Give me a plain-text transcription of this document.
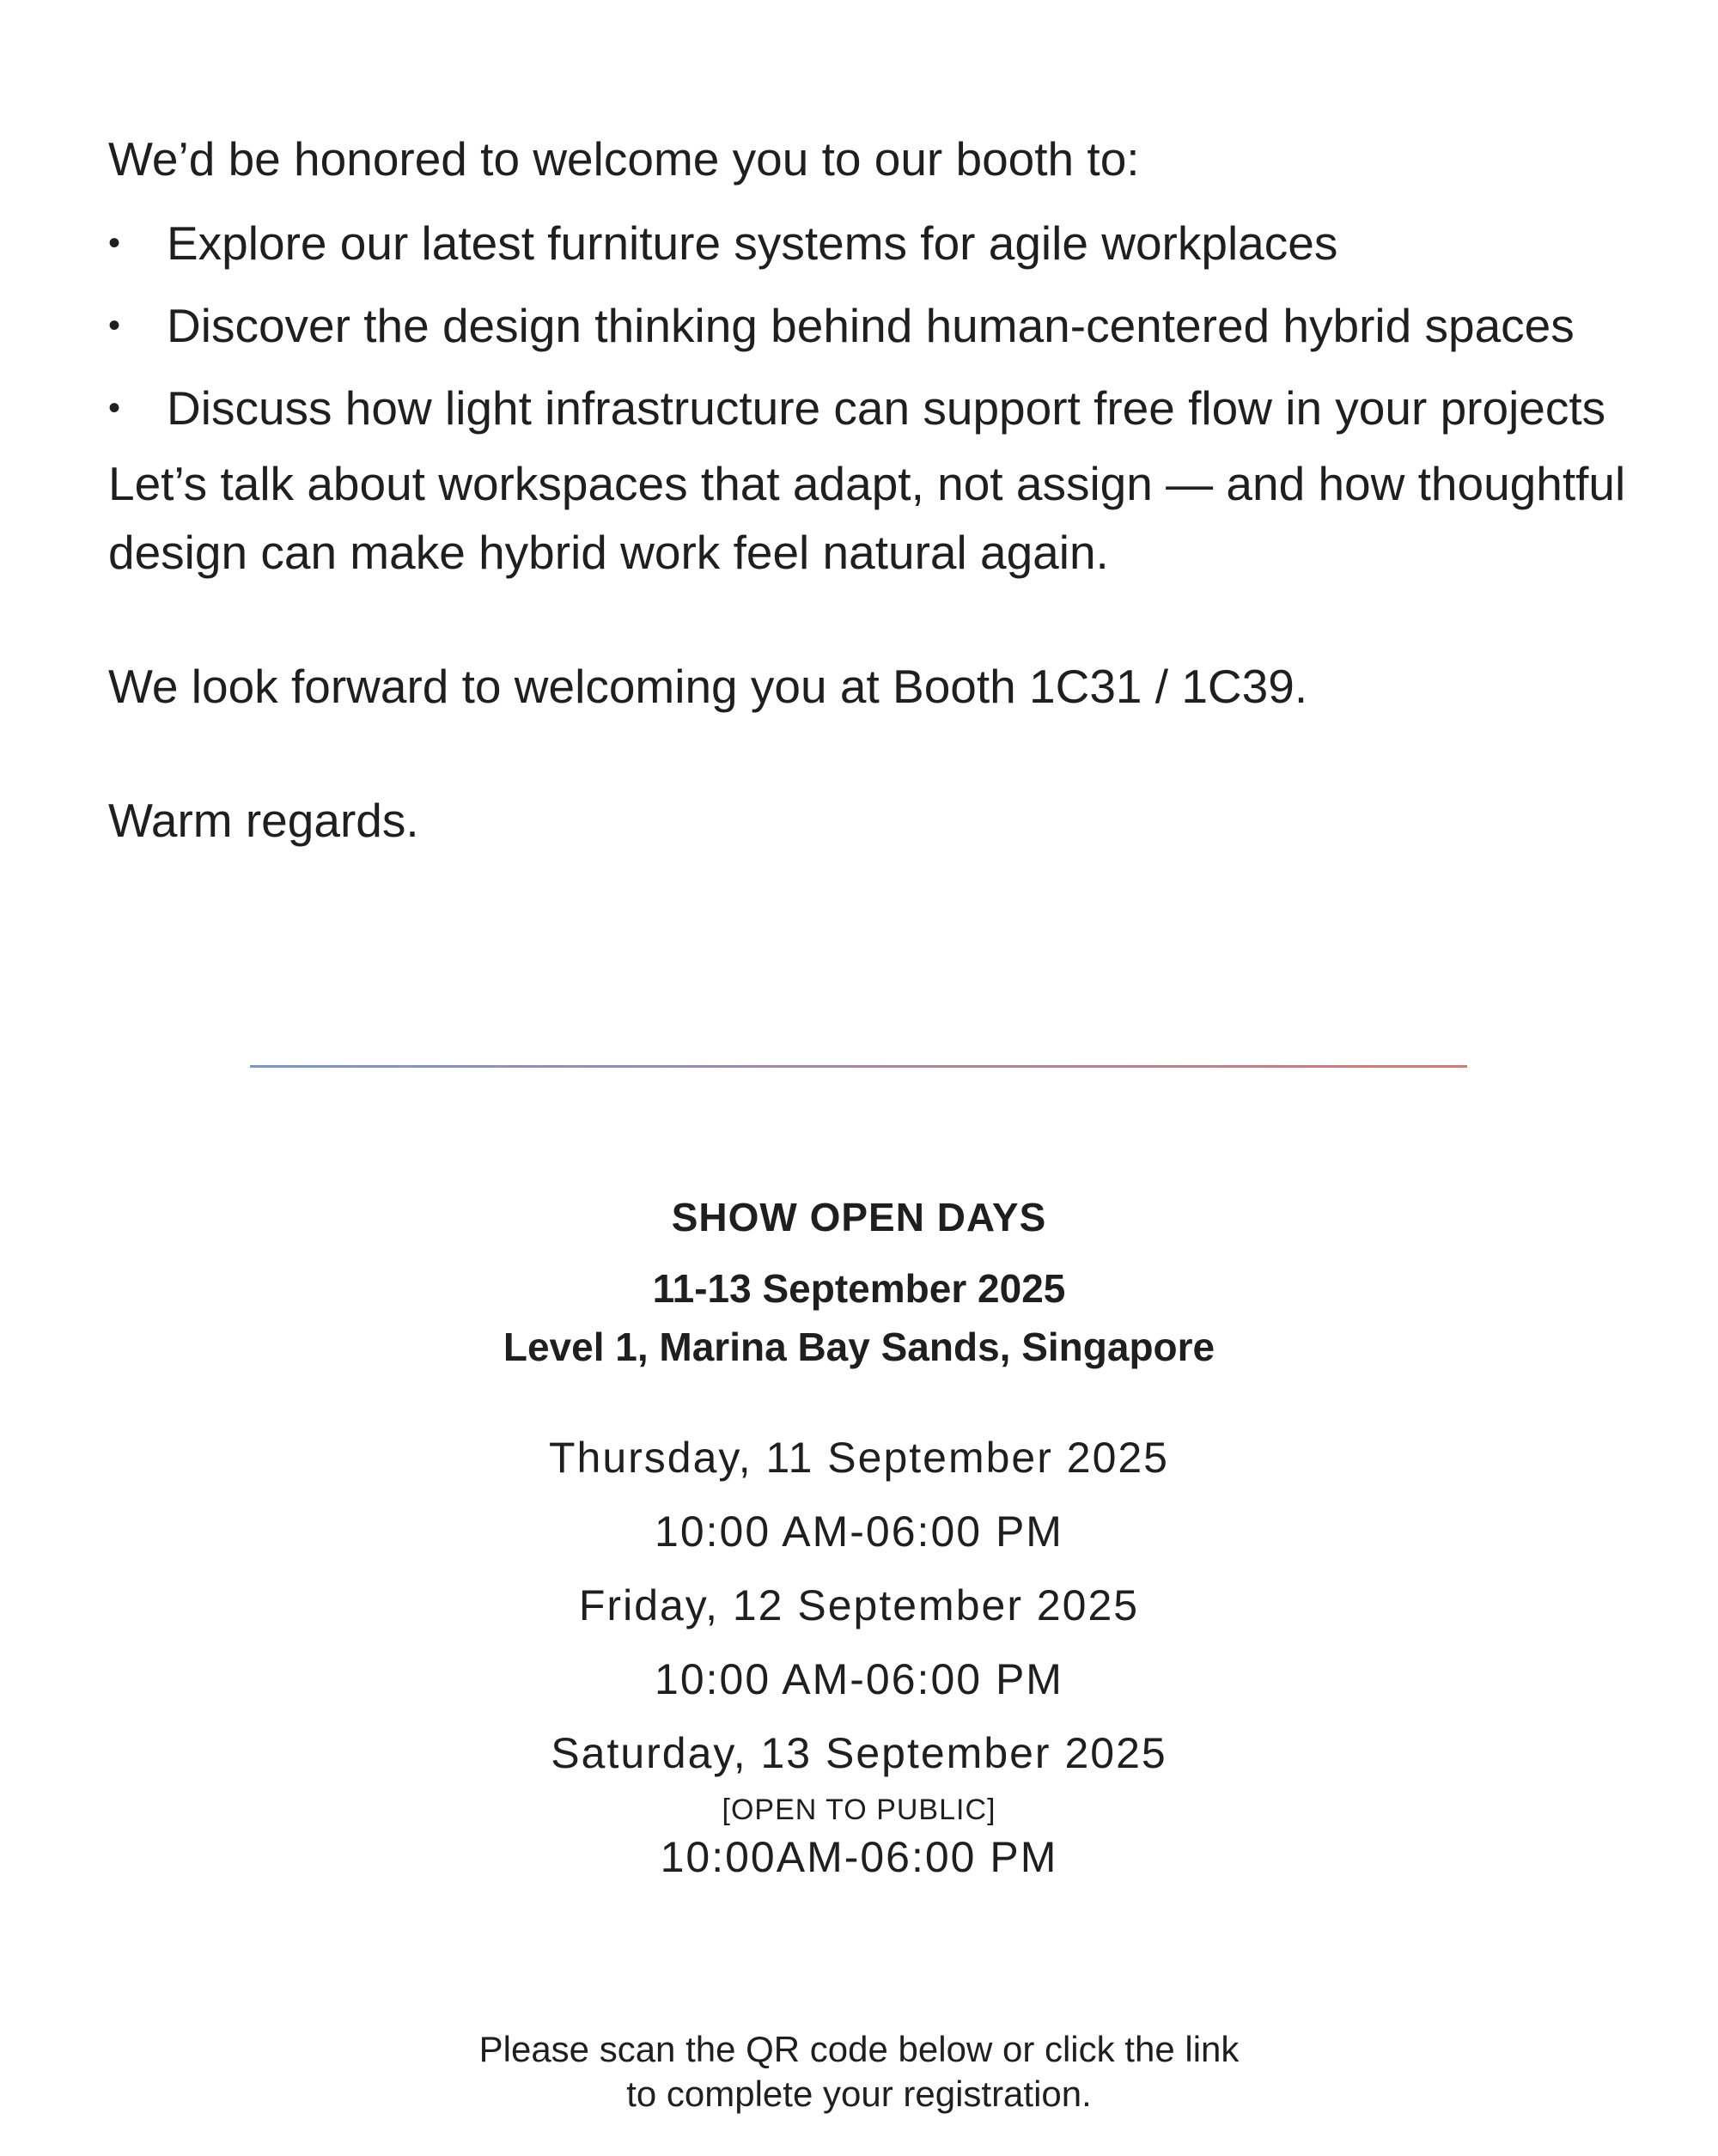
We’d be honored to welcome you to our booth to:

• Explore our latest furniture systems for agile workplaces
• Discover the design thinking behind human-centered hybrid spaces
• Discuss how light infrastructure can support free flow in your projects

Let’s talk about workspaces that adapt, not assign — and how thoughtful design can make hybrid work feel natural again.

We look forward to welcoming you at Booth 1C31 / 1C39.

Warm regards.

SHOW OPEN DAYS

11-13 September 2025

Level 1, Marina Bay Sands, Singapore

Thursday, 11 September 2025
10:00 AM-06:00 PM
Friday, 12 September 2025
10:00 AM-06:00 PM
Saturday, 13 September 2025
[OPEN TO PUBLIC]
10:00AM-06:00 PM

Please scan the QR code below or click the link

to complete your registration.
